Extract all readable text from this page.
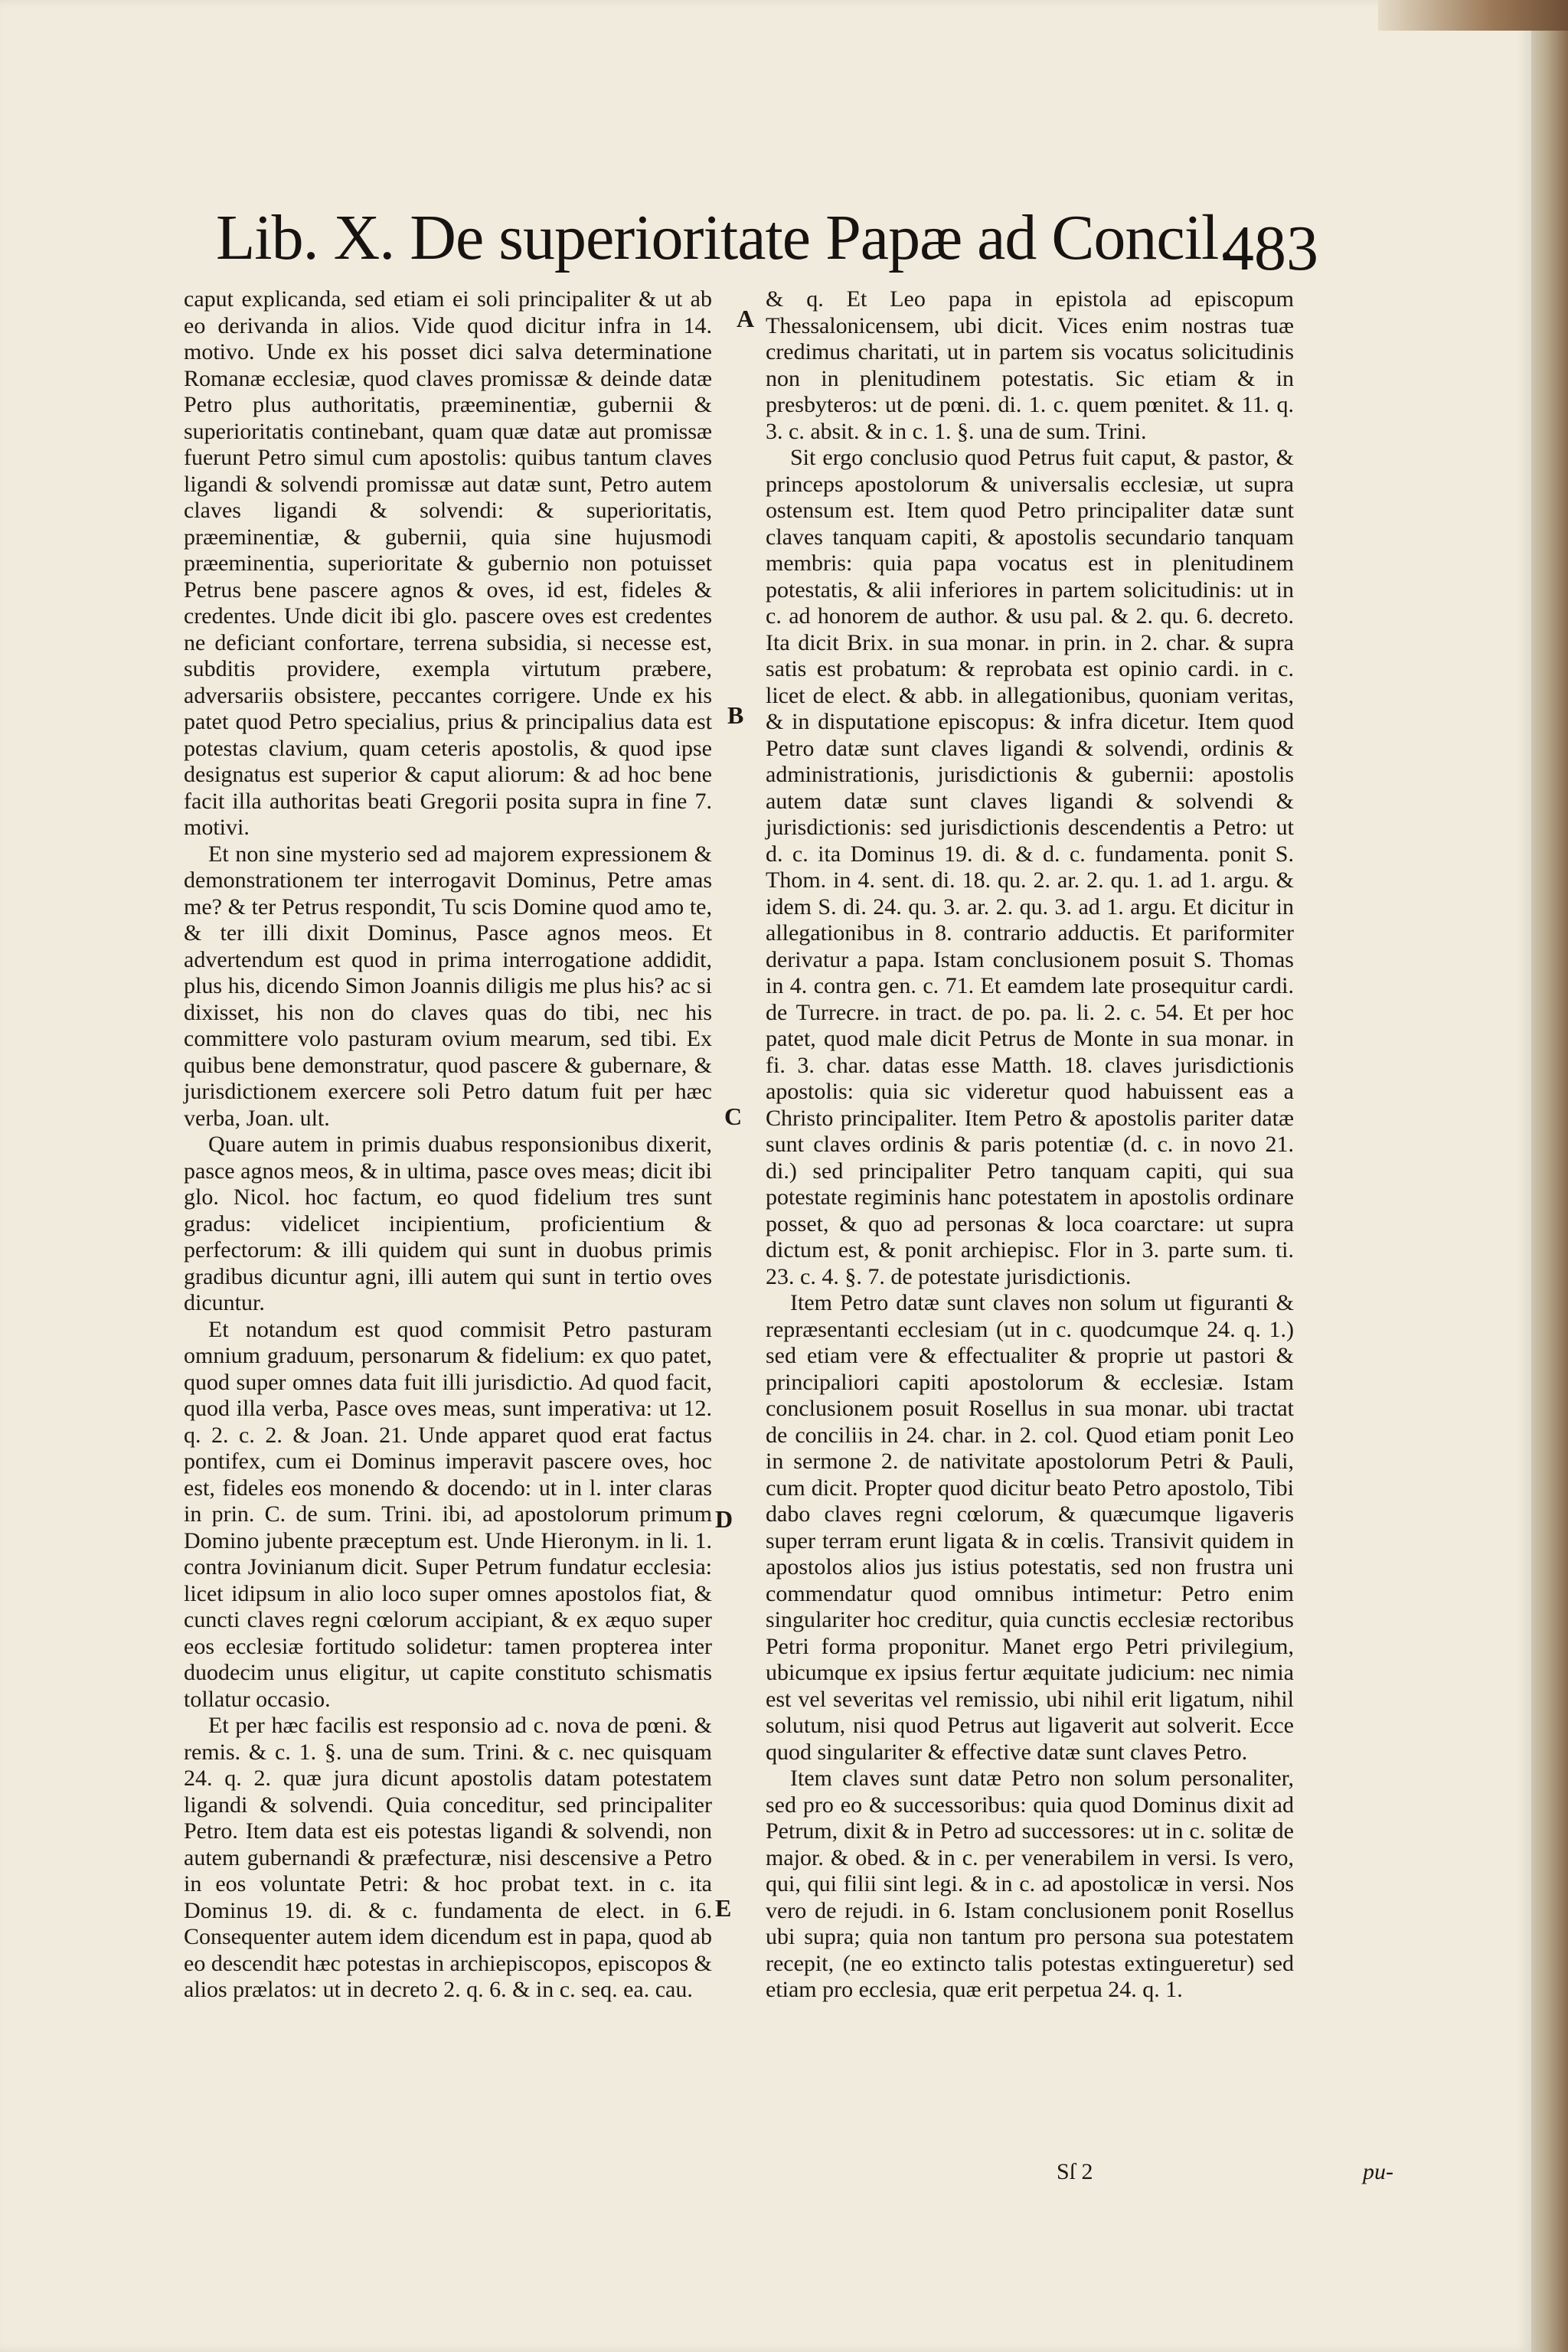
Lib. X. De superioritate Papæ ad Concil.
483

caput explicanda, sed etiam ei soli principaliter & ut ab eo derivanda in alios. Vide quod dicitur infra in 14. motivo. Unde ex his posset dici salva determinatione Romanæ ecclesiæ, quod claves promissæ & deinde datæ Petro plus authoritatis, præeminentiæ, gubernii & superioritatis continebant, quam quæ datæ aut promissæ fuerunt Petro simul cum apostolis: quibus tantum claves ligandi & solvendi promissæ aut datæ sunt, Petro autem claves ligandi & solvendi: & superioritatis, præeminentiæ, & gubernii, quia sine hujusmodi præeminentia, superioritate & gubernio non potuisset Petrus bene pascere agnos & oves, id est, fideles & credentes. Unde dicit ibi glo. pascere oves est credentes ne deficiant confortare, terrena subsidia, si necesse est, subditis providere, exempla virtutum præbere, adversariis obsistere, peccantes corrigere. Unde ex his patet quod Petro specialius, prius & principalius data est potestas clavium, quam ceteris apostolis, & quod ipse designatus est superior & caput aliorum: & ad hoc bene facit illa authoritas beati Gregorii posita supra in fine 7. motivi.

Et non sine mysterio sed ad majorem expressionem & demonstrationem ter interrogavit Dominus, Petre amas me? & ter Petrus respondit, Tu scis Domine quod amo te, & ter illi dixit Dominus, Pasce agnos meos. Et advertendum est quod in prima interrogatione addidit, plus his, dicendo Simon Joannis diligis me plus his? ac si dixisset, his non do claves quas do tibi, nec his committere volo pasturam ovium mearum, sed tibi. Ex quibus bene demonstratur, quod pascere & gubernare, & jurisdictionem exercere soli Petro datum fuit per hæc verba, Joan. ult.

Quare autem in primis duabus responsionibus dixerit, pasce agnos meos, & in ultima, pasce oves meas; dicit ibi glo. Nicol. hoc factum, eo quod fidelium tres sunt gradus: videlicet incipientium, proficientium & perfectorum: & illi quidem qui sunt in duobus primis gradibus dicuntur agni, illi autem qui sunt in tertio oves dicuntur.

Et notandum est quod commisit Petro pasturam omnium graduum, personarum & fidelium: ex quo patet, quod super omnes data fuit illi jurisdictio. Ad quod facit, quod illa verba, Pasce oves meas, sunt imperativa: ut 12. q. 2. c. 2. & Joan. 21. Unde apparet quod erat factus pontifex, cum ei Dominus imperavit pascere oves, hoc est, fideles eos monendo & docendo: ut in l. inter claras in prin. C. de sum. Trini. ibi, ad apostolorum primum Domino jubente præceptum est. Unde Hieronym. in li. 1. contra Jovinianum dicit. Super Petrum fundatur ecclesia: licet idipsum in alio loco super omnes apostolos fiat, & cuncti claves regni cœlorum accipiant, & ex æquo super eos ecclesiæ fortitudo solidetur: tamen propterea inter duodecim unus eligitur, ut capite constituto schismatis tollatur occasio.

Et per hæc facilis est responsio ad c. nova de pœni. & remis. & c. 1. §. una de sum. Trini. & c. nec quisquam 24. q. 2. quæ jura dicunt apostolis datam potestatem ligandi & solvendi. Quia conceditur, sed principaliter Petro. Item data est eis potestas ligandi & solvendi, non autem gubernandi & præfecturæ, nisi descensive a Petro in eos voluntate Petri: & hoc probat text. in c. ita Dominus 19. di. & c. fundamenta de elect. in 6. Consequenter autem idem dicendum est in papa, quod ab eo descendit hæc potestas in archiepiscopos, episcopos & alios prælatos: ut in decreto 2. q. 6. & in c. seq. ea. cau.

A
B
C
D
E

& q. Et Leo papa in epistola ad episcopum Thessalonicensem, ubi dicit. Vices enim nostras tuæ credimus charitati, ut in partem sis vocatus solicitudinis non in plenitudinem potestatis. Sic etiam & in presbyteros: ut de pœni. di. 1. c. quem pœnitet. & 11. q. 3. c. absit. & in c. 1. §. una de sum. Trini.

Sit ergo conclusio quod Petrus fuit caput, & pastor, & princeps apostolorum & universalis ecclesiæ, ut supra ostensum est. Item quod Petro principaliter datæ sunt claves tanquam capiti, & apostolis secundario tanquam membris: quia papa vocatus est in plenitudinem potestatis, & alii inferiores in partem solicitudinis: ut in c. ad honorem de author. & usu pal. & 2. qu. 6. decreto. Ita dicit Brix. in sua monar. in prin. in 2. char. & supra satis est probatum: & reprobata est opinio cardi. in c. licet de elect. & abb. in allegationibus, quoniam veritas, & in disputatione episcopus: & infra dicetur. Item quod Petro datæ sunt claves ligandi & solvendi, ordinis & administrationis, jurisdictionis & gubernii: apostolis autem datæ sunt claves ligandi & solvendi & jurisdictionis: sed jurisdictionis descendentis a Petro: ut d. c. ita Dominus 19. di. & d. c. fundamenta. ponit S. Thom. in 4. sent. di. 18. qu. 2. ar. 2. qu. 1. ad 1. argu. & idem S. di. 24. qu. 3. ar. 2. qu. 3. ad 1. argu. Et dicitur in allegationibus in 8. contrario adductis. Et pariformiter derivatur a papa. Istam conclusionem posuit S. Thomas in 4. contra gen. c. 71. Et eamdem late prosequitur cardi. de Turrecre. in tract. de po. pa. li. 2. c. 54. Et per hoc patet, quod male dicit Petrus de Monte in sua monar. in fi. 3. char. datas esse Matth. 18. claves jurisdictionis apostolis: quia sic videretur quod habuissent eas a Christo principaliter. Item Petro & apostolis pariter datæ sunt claves ordinis & paris potentiæ (d. c. in novo 21. di.) sed principaliter Petro tanquam capiti, qui sua potestate regiminis hanc potestatem in apostolis ordinare posset, & quo ad personas & loca coarctare: ut supra dictum est, & ponit archiepisc. Flor in 3. parte sum. ti. 23. c. 4. §. 7. de potestate jurisdictionis.

Item Petro datæ sunt claves non solum ut figuranti & repræsentanti ecclesiam (ut in c. quodcumque 24. q. 1.) sed etiam vere & effectualiter & proprie ut pastori & principaliori capiti apostolorum & ecclesiæ. Istam conclusionem posuit Rosellus in sua monar. ubi tractat de conciliis in 24. char. in 2. col. Quod etiam ponit Leo in sermone 2. de nativitate apostolorum Petri & Pauli, cum dicit. Propter quod dicitur beato Petro apostolo, Tibi dabo claves regni cœlorum, & quæcumque ligaveris super terram erunt ligata & in cœlis. Transivit quidem in apostolos alios jus istius potestatis, sed non frustra uni commendatur quod omnibus intimetur: Petro enim singulariter hoc creditur, quia cunctis ecclesiæ rectoribus Petri forma proponitur. Manet ergo Petri privilegium, ubicumque ex ipsius fertur æquitate judicium: nec nimia est vel severitas vel remissio, ubi nihil erit ligatum, nihil solutum, nisi quod Petrus aut ligaverit aut solverit. Ecce quod singulariter & effective datæ sunt claves Petro.

Item claves sunt datæ Petro non solum personaliter, sed pro eo & successoribus: quia quod Dominus dixit ad Petrum, dixit & in Petro ad successores: ut in c. solitæ de major. & obed. & in c. per venerabilem in versi. Is vero, qui, qui filii sint legi. & in c. ad apostolicæ in versi. Nos vero de rejudi. in 6. Istam conclusionem ponit Rosellus ubi supra; quia non tantum pro persona sua potestatem recepit, (ne eo extincto talis potestas extingueretur) sed etiam pro ecclesia, quæ erit perpetua 24. q. 1.

Sſ 2	pu-
